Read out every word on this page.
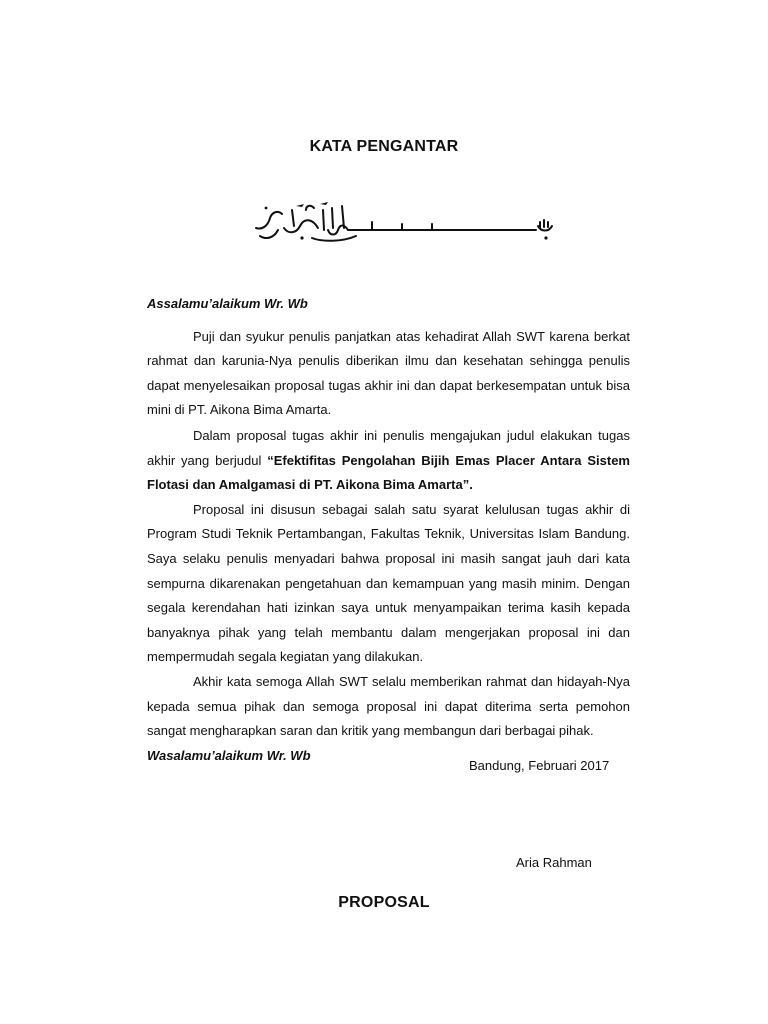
KATA PENGANTAR

Assalamu’alaikum Wr. Wb

Puji dan syukur penulis panjatkan atas kehadirat Allah SWT karena berkat rahmat dan karunia-Nya penulis diberikan ilmu dan kesehatan sehingga penulis dapat menyelesaikan proposal tugas akhir ini dan dapat berkesempatan untuk bisa mini di PT. Aikona Bima Amarta.

Dalam proposal tugas akhir ini penulis mengajukan judul elakukan tugas akhir yang berjudul “Efektifitas Pengolahan Bijih Emas Placer Antara Sistem Flotasi dan Amalgamasi di PT. Aikona Bima Amarta”.

Proposal ini disusun sebagai salah satu syarat kelulusan tugas akhir di Program Studi Teknik Pertambangan, Fakultas Teknik, Universitas Islam Bandung. Saya selaku penulis menyadari bahwa proposal ini masih sangat jauh dari kata sempurna dikarenakan pengetahuan dan kemampuan yang masih minim. Dengan segala kerendahan hati izinkan saya untuk menyampaikan terima kasih kepada banyaknya pihak yang telah membantu dalam mengerjakan proposal ini dan mempermudah segala kegiatan yang dilakukan.

Akhir kata semoga Allah SWT selalu memberikan rahmat dan hidayah-Nya kepada semua pihak dan semoga proposal ini dapat diterima serta pemohon sangat mengharapkan saran dan kritik yang membangun dari berbagai pihak.

Wasalamu’alaikum Wr. Wb

Bandung, Februari 2017
Aria Rahman
PROPOSAL
